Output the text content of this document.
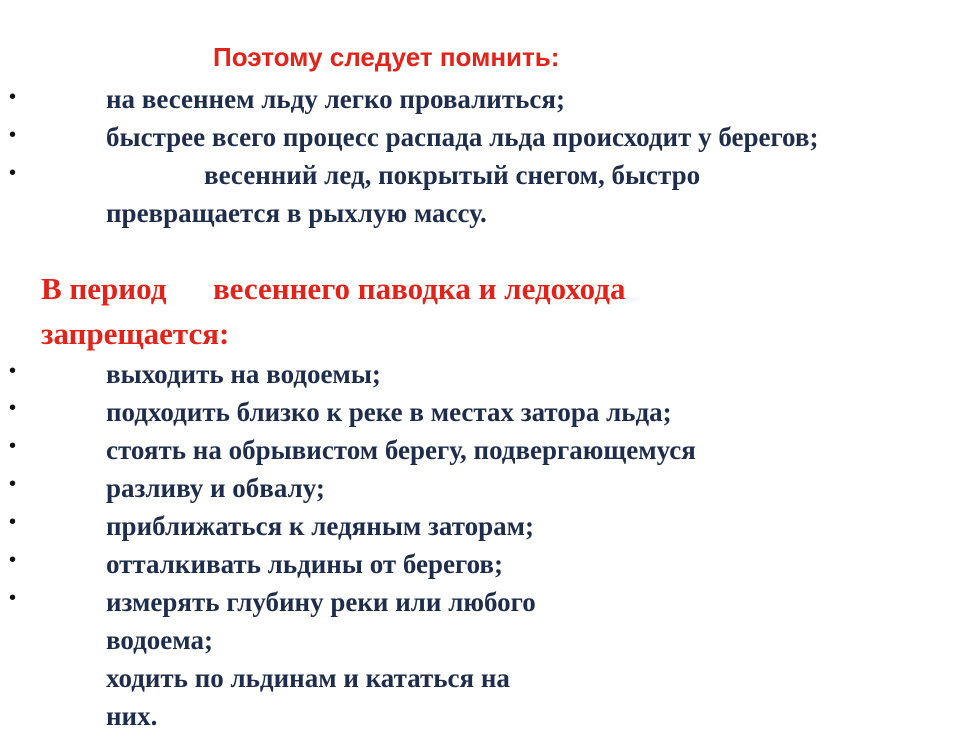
Поэтому следует помнить:
•
•
•
на весеннем льду легко провалиться;
быстрее всего процесс распада льда происходит у берегов;
весенний лед, покрытый снегом, быстро
превращается в рыхлую массу.
В период      весеннего паводка и ледохода
запрещается:
•
•
•
•
•
•
•
выходить на водоемы;
подходить близко к реке в местах затора льда;
стоять на обрывистом берегу, подвергающемуся
разливу и обвалу;
приближаться к ледяным заторам;
отталкивать льдины от берегов;
измерять глубину реки или любого
водоема;
ходить по льдинам и кататься на
них.
